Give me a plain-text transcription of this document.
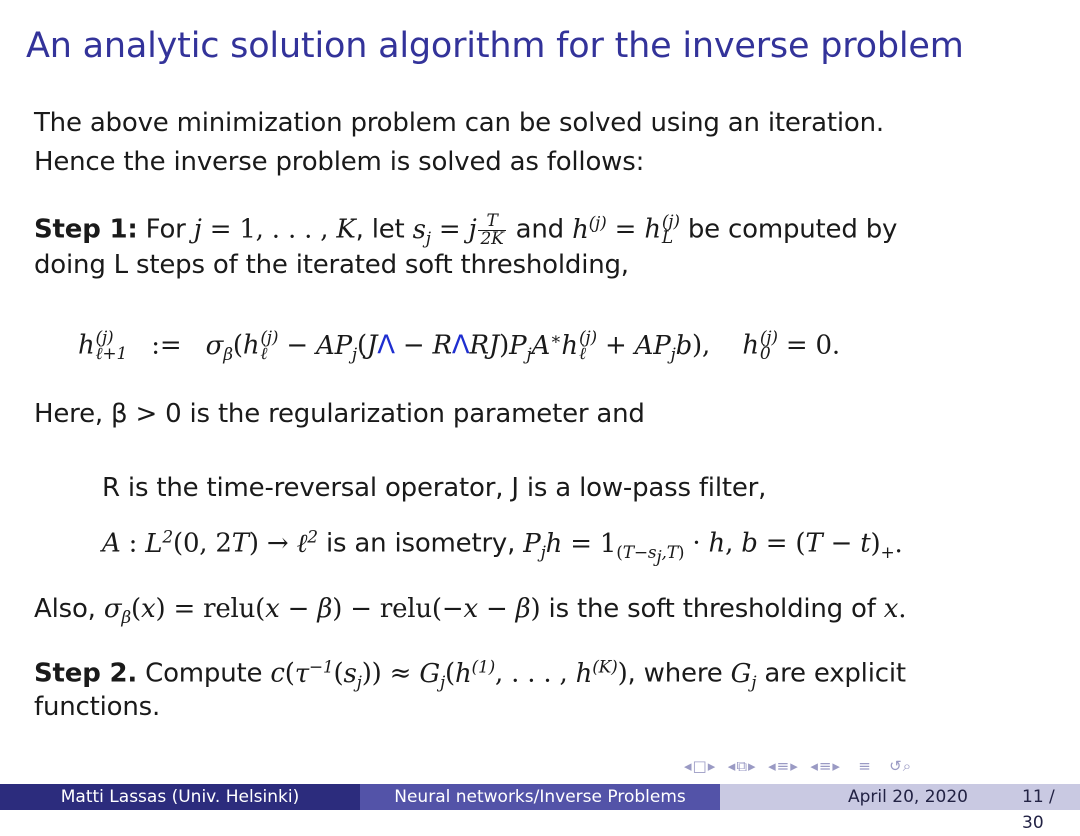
An analytic solution algorithm for the inverse problem
The above minimization problem can be solved using an iteration.
Hence the inverse problem is solved as follows:
Step 1: For j = 1, . . . , K, let $s_j = j \frac{T}{2K}$ and $h^{(j)} = h$ (j)
L be computed by
doing L steps of the iterated soft thresholding,
h (j)
ℓ+1 := $\sigma_\beta(h$ (j)
ℓ − $AP_j(J\Lambda - R\Lambda RJ)P_jA^∗h$ (j)
ℓ + $AP_jb$), h (j)
0 = 0.
Here, β > 0 is the regularization parameter and
R is the time-reversal operator, J is a low-pass filter,
A : $L^2(0$, 2T) → ℓ$^2$ is an isometry, $P_jh = 1_{(T-s_j,T)} \cdot h$, $b = (T - t)_+$.
Also, $\sigma_\beta(x)$ = relu(x − β) − relu(−x − β) is the soft thresholding of x.
Step 2. Compute $c(\tau^{-1}(s_j)) \approx G_j(h^{(1)}$, . . . , $h^{(K)}$), where $G_j$ are explicit
functions.
◂□▸ ◂⧉▸ ◂≡▸ ◂≡▸ ≡ ↺⌕
Matti Lassas (Univ. Helsinki)	Neural networks/Inverse Problems	April 20, 2020	11 / 30
